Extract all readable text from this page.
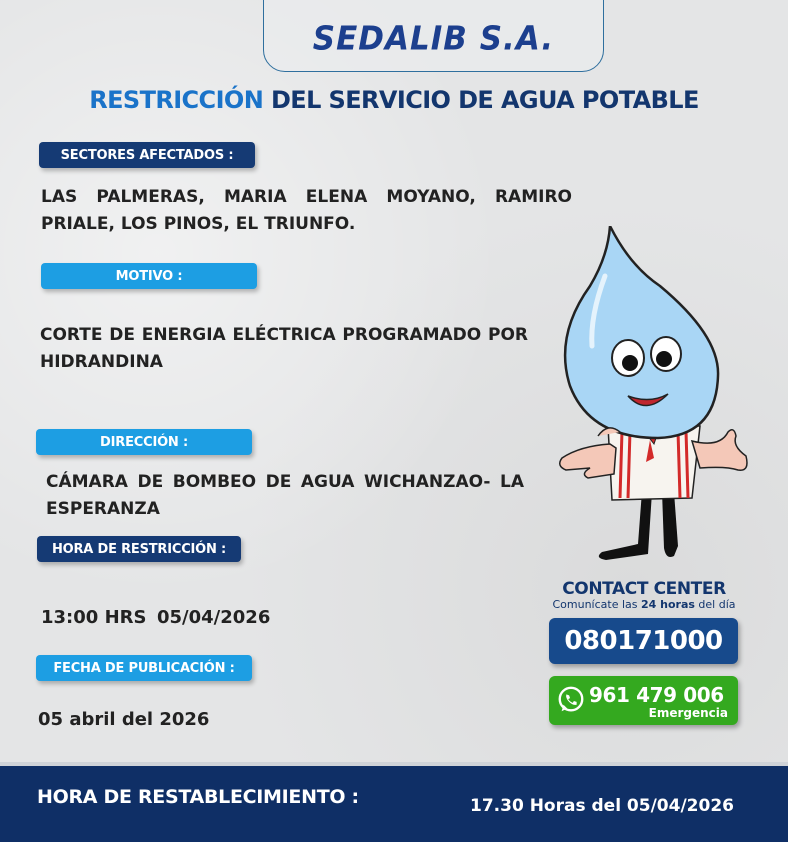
SEDALIB S.A.
RESTRICCIÓN DEL SERVICIO DE AGUA POTABLE
SECTORES AFECTADOS :
LAS PALMERAS, MARIA ELENA MOYANO, RAMIRO PRIALE, LOS PINOS, EL TRIUNFO.
MOTIVO :
CORTE DE ENERGIA ELÉCTRICA PROGRAMADO POR HIDRANDINA
DIRECCIÓN :
CÁMARA DE BOMBEO DE AGUA WICHANZAO- LA ESPERANZA
HORA DE RESTRICCIÓN :
13:00 HRS 05/04/2026
FECHA DE PUBLICACIÓN :
05 abril del 2026
CONTACT CENTER
Comunícate las 24 horas del día
080171000
961 479 006
Emergencia
HORA DE RESTABLECIMIENTO :	17.30 Horas del 05/04/2026
